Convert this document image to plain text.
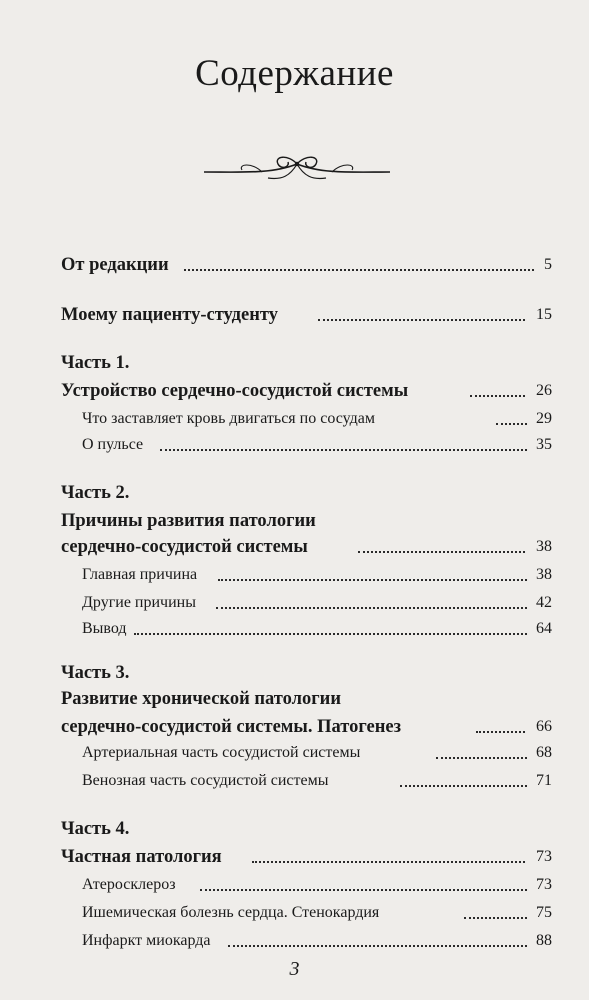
Содержание
От редакции	5
Моему пациенту-студенту	15
Часть 1.
Устройство сердечно-сосудистой системы	26
Что заставляет кровь двигаться по сосудам	29
О пульсе	35
Часть 2.
Причины развития патологии
сердечно-сосудистой системы	38
Главная причина	38
Другие причины	42
Вывод	64
Часть 3.
Развитие хронической патологии
сердечно-сосудистой системы. Патогенез	66
Артериальная часть сосудистой системы	68
Венозная часть сосудистой системы	71
Часть 4.
Частная патология	73
Атеросклероз	73
Ишемическая болезнь сердца. Стенокардия	75
Инфаркт миокарда	88
3
